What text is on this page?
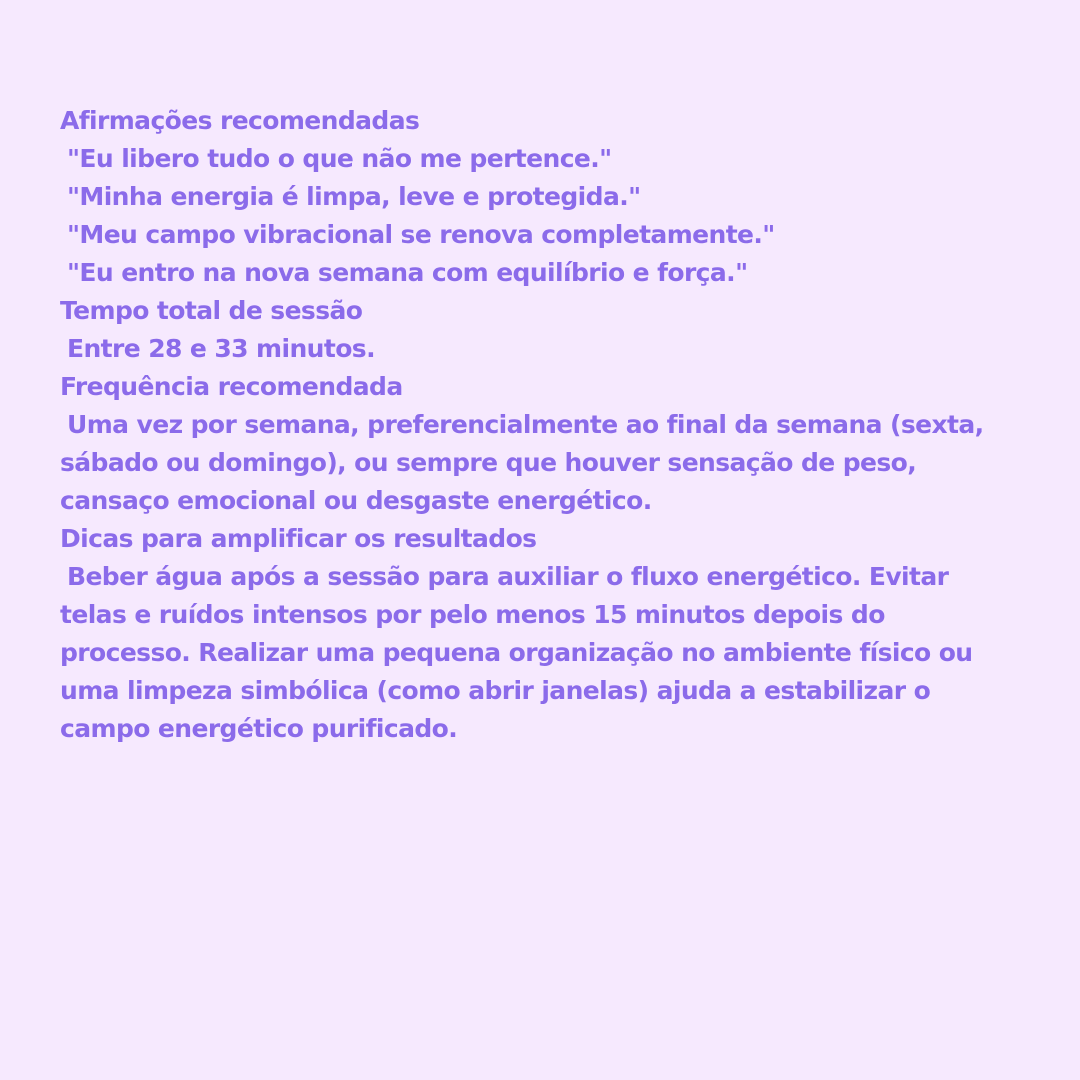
Afirmações recomendadas
"Eu libero tudo o que não me pertence."
"Minha energia é limpa, leve e protegida."
"Meu campo vibracional se renova completamente."
"Eu entro na nova semana com equilíbrio e força."
Tempo total de sessão
Entre 28 e 33 minutos.
Frequência recomendada
Uma vez por semana, preferencialmente ao final da semana (sexta,
sábado ou domingo), ou sempre que houver sensação de peso,
cansaço emocional ou desgaste energético.
Dicas para amplificar os resultados
Beber água após a sessão para auxiliar o fluxo energético. Evitar
telas e ruídos intensos por pelo menos 15 minutos depois do
processo. Realizar uma pequena organização no ambiente físico ou
uma limpeza simbólica (como abrir janelas) ajuda a estabilizar o
campo energético purificado.
